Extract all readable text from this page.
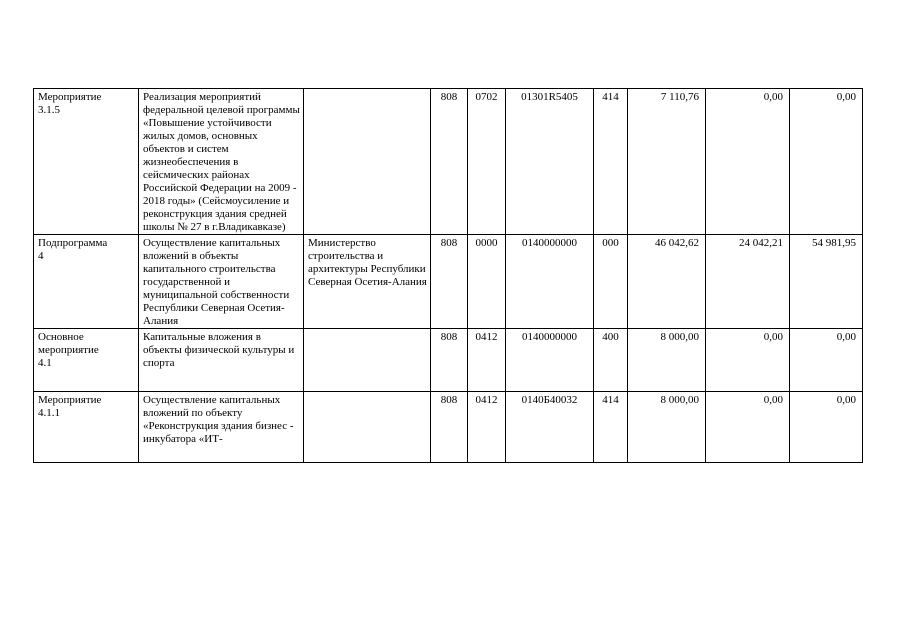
Мероприятие
3.1.5	Реализация мероприятий федеральной целевой программы «Повышение устойчивости жилых домов, основных объектов и систем жизнеобеспечения в сейсмических районах Российской Федерации на 2009 - 2018 годы» (Сейсмоусиление и реконструкция здания средней школы № 27 в г.Владикавказе)		808	0702	01301R5405	414	7 110,76	0,00	0,00

Подпрограмма
4	Осуществление капитальных вложений в объекты капитального строительства государственной и муниципальной собственности Республики Северная Осетия-Алания	Министерство строительства и архитектуры Республики Северная Осетия-Алания	808	0000	0140000000	000	46 042,62	24 042,21	54 981,95

Основное
мероприятие
4.1	Капитальные вложения в объекты физической культуры и спорта		808	0412	0140000000	400	8 000,00	0,00	0,00

Мероприятие
4.1.1	Осуществление капитальных вложений по объекту «Реконструкция здания бизнес - инкубатора «ИТ-		808	0412	0140Б40032	414	8 000,00	0,00	0,00
